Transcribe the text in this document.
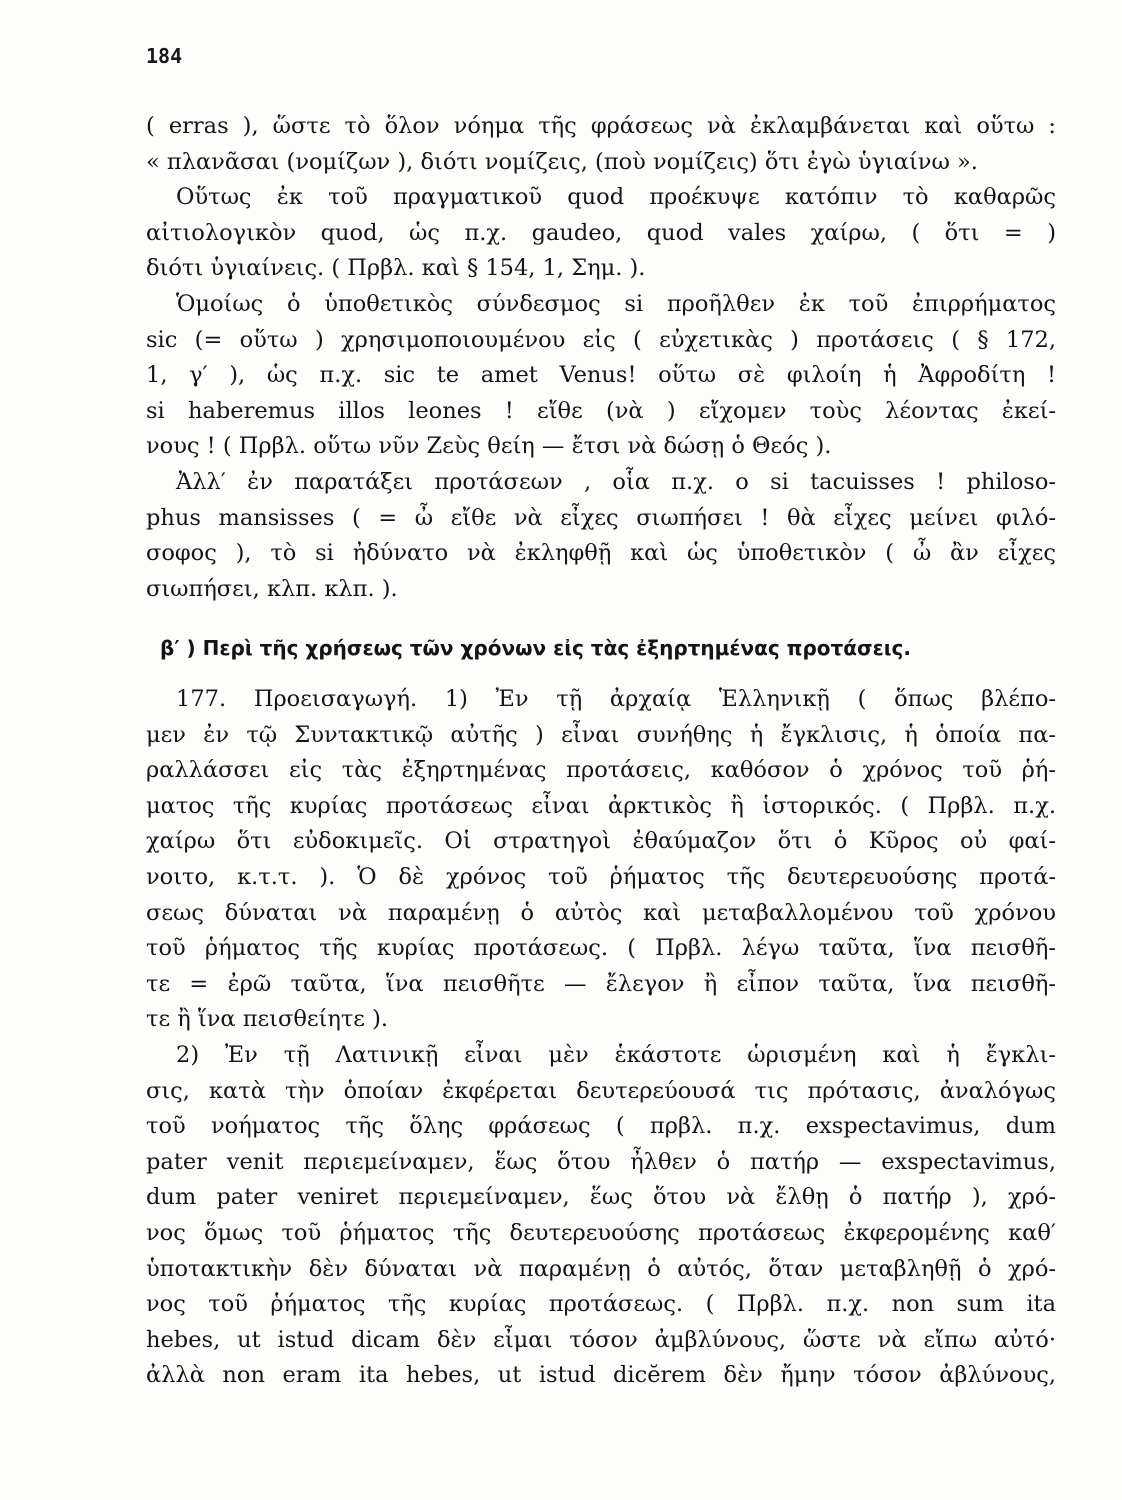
184
( erras ), ὥστε τὸ ὅλον νόημα τῆς φράσεως νὰ ἐκλαμβάνεται καὶ οὕτω :
« πλανᾶσαι (νομίζων ), διότι νομίζεις, (ποὺ νομίζεις) ὅτι ἐγὼ ὑγιαίνω ».
Οὕτως ἐκ τοῦ πραγματικοῦ quod προέκυψε κατόπιν τὸ καθαρῶς
αἰτιολογικὸν quod, ὡς π.χ. gaudeo, quod vales χαίρω, ( ὅτι = )
διότι ὑγιαίνεις. ( Πρβλ. καὶ § 154, 1, Σημ. ).
Ὁμοίως ὁ ὑποθετικὸς σύνδεσμος si προῆλθεν ἐκ τοῦ ἐπιρρήματος
sic (= οὕτω ) χρησιμοποιουμένου εἰς ( εὐχετικὰς ) προτάσεις ( § 172,
1, γ′ ), ὡς π.χ. sic te amet Venus! οὕτω σὲ φιλοίη ἡ Ἀφροδίτη !
si haberemus illos leones ! εἴθε (νὰ ) εἴχομεν τοὺς λέοντας ἐκεί-
νους ! ( Πρβλ. οὕτω νῦν Ζεὺς θείη — ἔτσι νὰ δώσῃ ὁ Θεός ).
Ἀλλ′ ἐν παρατάξει προτάσεων , οἷα π.χ. o si tacuisses ! philoso-
phus mansisses ( = ὦ εἴθε νὰ εἶχες σιωπήσει ! θὰ εἶχες μείνει φιλό-
σοφος ), τὸ si ἠδύνατο νὰ ἐκληφθῇ καὶ ὡς ὑποθετικὸν ( ὦ ἂν εἶχες
σιωπήσει, κλπ. κλπ. ).
β′ ) Περὶ τῆς χρήσεως τῶν χρόνων εἰς τὰς ἐξηρτημένας προτάσεις.
177. Προεισαγωγή. 1) Ἐν τῇ ἀρχαίᾳ Ἑλληνικῇ ( ὅπως βλέπο-
μεν ἐν τῷ Συντακτικῷ αὐτῆς ) εἶναι συνήθης ἡ ἔγκλισις, ἡ ὁποία πα-
ραλλάσσει εἰς τὰς ἐξηρτημένας προτάσεις, καθόσον ὁ χρόνος τοῦ ῥή-
ματος τῆς κυρίας προτάσεως εἶναι ἀρκτικὸς ἢ ἱστορικός. ( Πρβλ. π.χ.
χαίρω ὅτι εὐδοκιμεῖς. Οἱ στρατηγοὶ ἐθαύμαζον ὅτι ὁ Κῦρος οὐ φαί-
νοιτο, κ.τ.τ. ). Ὁ δὲ χρόνος τοῦ ῥήματος τῆς δευτερευούσης προτά-
σεως δύναται νὰ παραμένῃ ὁ αὐτὸς καὶ μεταβαλλομένου τοῦ χρόνου
τοῦ ῥήματος τῆς κυρίας προτάσεως. ( Πρβλ. λέγω ταῦτα, ἵνα πεισθῆ-
τε = ἐρῶ ταῦτα, ἵνα πεισθῆτε — ἔλεγον ἢ εἶπον ταῦτα, ἵνα πεισθῆ-
τε ἢ ἵνα πεισθείητε ).
2) Ἐν τῇ Λατινικῇ εἶναι μὲν ἑκάστοτε ὡρισμένη καὶ ἡ ἔγκλι-
σις, κατὰ τὴν ὁποίαν ἐκφέρεται δευτερεύουσά τις πρότασις, ἀναλόγως
τοῦ νοήματος τῆς ὅλης φράσεως ( πρβλ. π.χ. exspectavimus, dum
pater venit περιεμείναμεν, ἕως ὅτου ἦλθεν ὁ πατήρ — exspectavimus,
dum pater veniret περιεμείναμεν, ἕως ὅτου νὰ ἔλθῃ ὁ πατήρ ), χρό-
νος ὅμως τοῦ ῥήματος τῆς δευτερευούσης προτάσεως ἐκφερομένης καθ′
ὑποτακτικὴν δὲν δύναται νὰ παραμένῃ ὁ αὐτός, ὅταν μεταβληθῇ ὁ χρό-
νος τοῦ ῥήματος τῆς κυρίας προτάσεως. ( Πρβλ. π.χ. non sum ita
hebes, ut istud dicam δὲν εἶμαι τόσον ἀμβλύνους, ὥστε νὰ εἴπω αὐτό·
ἀλλὰ non eram ita hebes, ut istud dicĕrem δὲν ἤμην τόσον ἀβλύνους,
